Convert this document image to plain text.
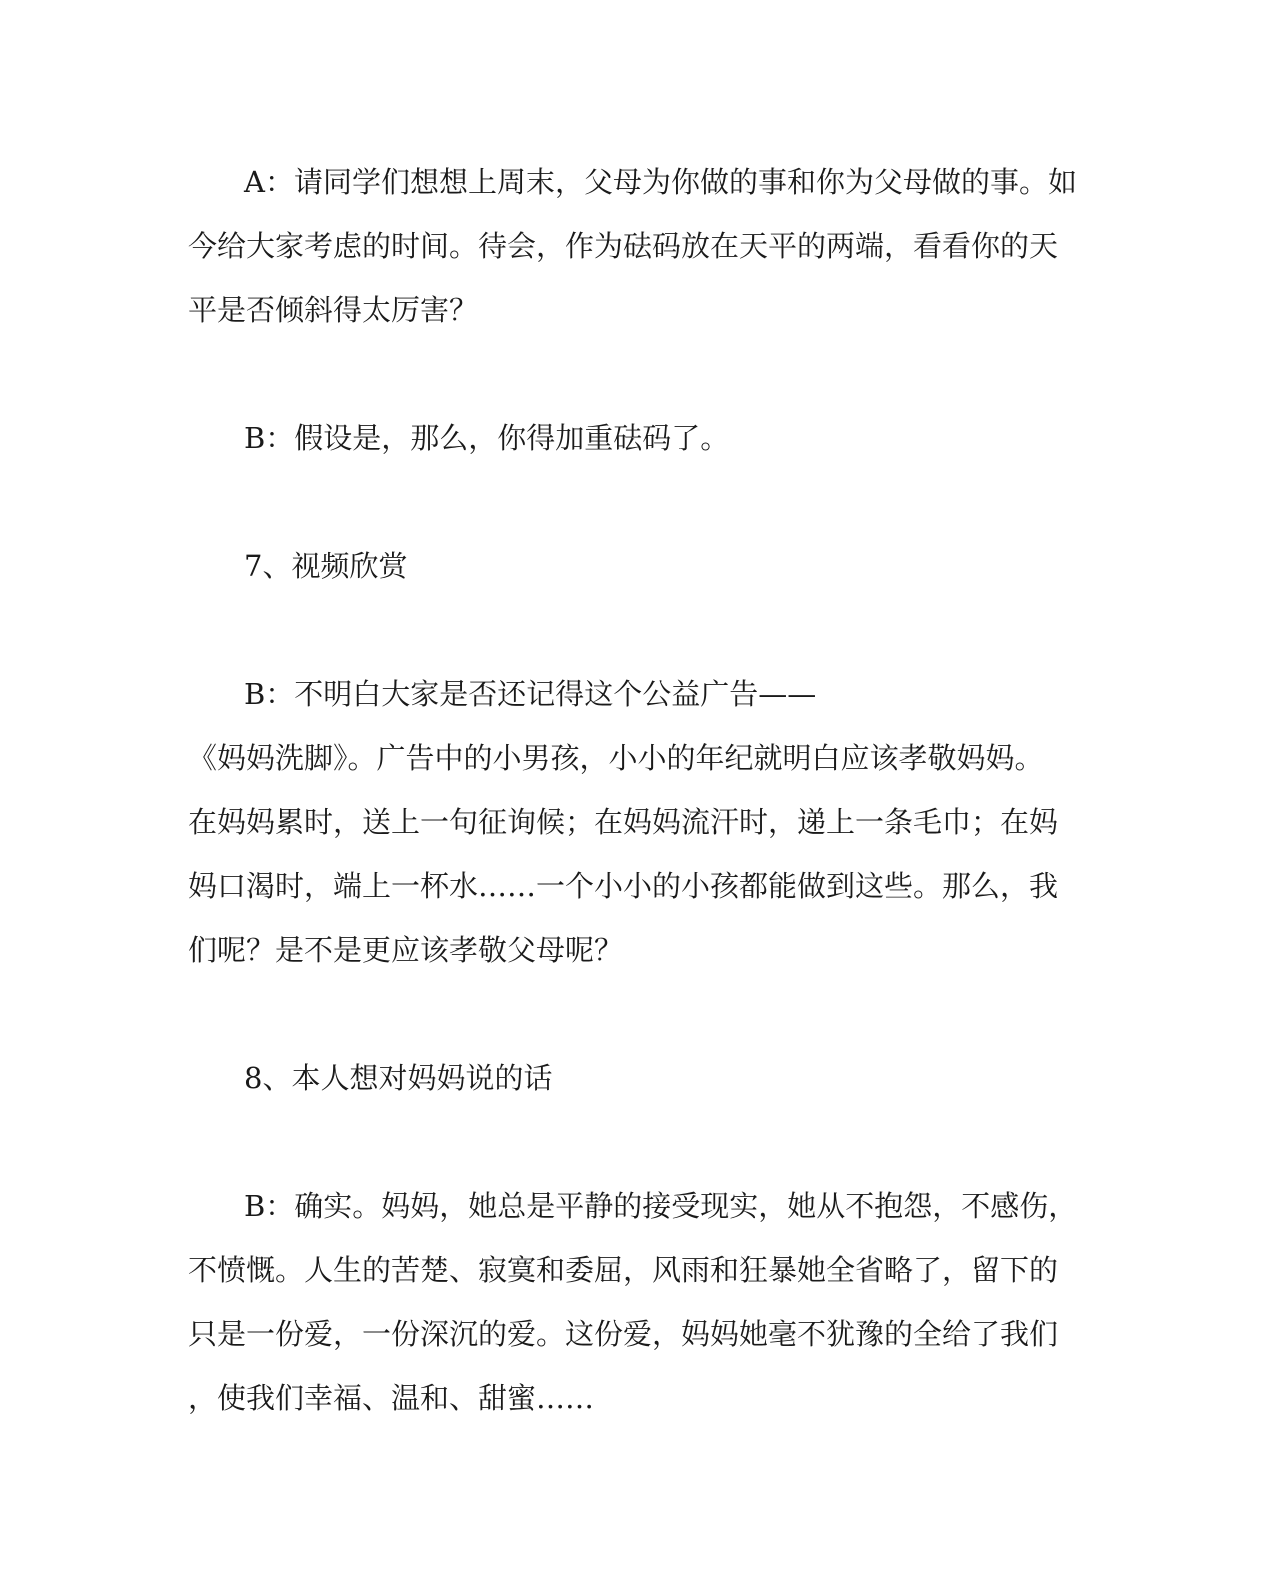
A：请同学们想想上周末，父母为你做的事和你为父母做的事。如

今给大家考虑的时间。待会，作为砝码放在天平的两端，看看你的天

平是否倾斜得太厉害？

B：假设是，那么，你得加重砝码了。

7、视频欣赏

B：不明白大家是否还记得这个公益广告——

《妈妈洗脚》。广告中的小男孩，小小的年纪就明白应该孝敬妈妈。

在妈妈累时，送上一句征询候；在妈妈流汗时，递上一条毛巾；在妈

妈口渴时，端上一杯水……一个小小的小孩都能做到这些。那么，我

们呢？是不是更应该孝敬父母呢？

8、本人想对妈妈说的话

B：确实。妈妈，她总是平静的接受现实，她从不抱怨，不感伤，

不愤慨。人生的苦楚、寂寞和委屈，风雨和狂暴她全省略了，留下的

只是一份爱，一份深沉的爱。这份爱，妈妈她毫不犹豫的全给了我们

，使我们幸福、温和、甜蜜……
